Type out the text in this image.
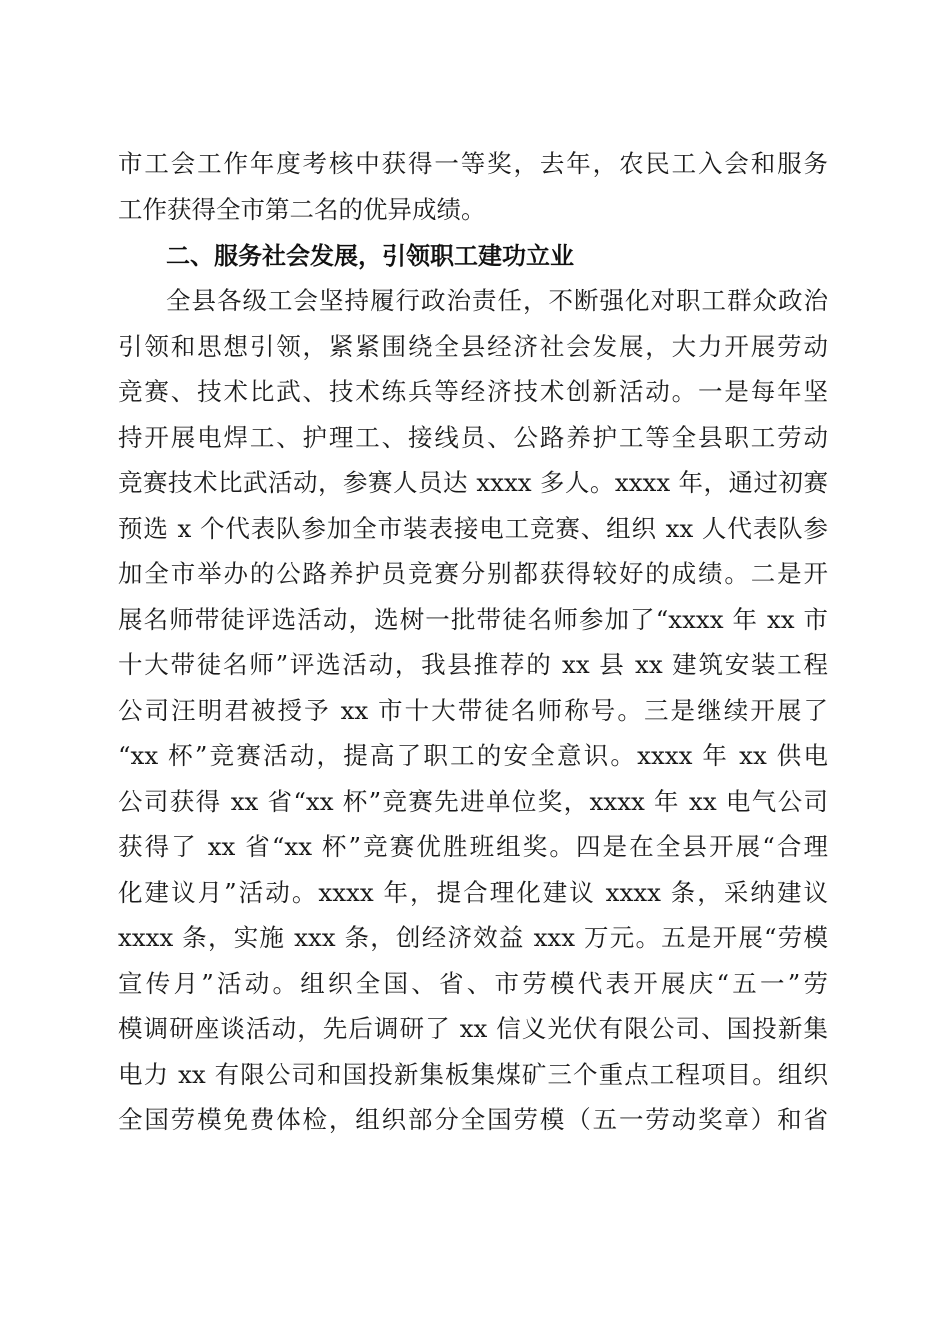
市工会工作年度考核中获得一等奖，去年，农民工入会和服务
工作获得全市第二名的优异成绩。
二、服务社会发展，引领职工建功立业
全县各级工会坚持履行政治责任，不断强化对职工群众政治
引领和思想引领，紧紧围绕全县经济社会发展，大力开展劳动
竞赛、技术比武、技术练兵等经济技术创新活动。一是每年坚
持开展电焊工、护理工、接线员、公路养护工等全县职工劳动
竞赛技术比武活动，参赛人员达 xxxx 多人。xxxx 年，通过初赛
预选 x 个代表队参加全市装表接电工竞赛、组织 xx 人代表队参
加全市举办的公路养护员竞赛分别都获得较好的成绩。二是开
展名师带徒评选活动，选树一批带徒名师参加了“xxxx 年 xx 市
十大带徒名师”评选活动，我县推荐的 xx 县 xx 建筑安装工程
公司汪明君被授予 xx 市十大带徒名师称号。三是继续开展了
“xx 杯”竞赛活动，提高了职工的安全意识。xxxx 年 xx 供电
公司获得 xx 省“xx 杯”竞赛先进单位奖，xxxx 年 xx 电气公司
获得了 xx 省“xx 杯”竞赛优胜班组奖。四是在全县开展“合理
化建议月”活动。xxxx 年，提合理化建议 xxxx 条，采纳建议
xxxx 条，实施 xxx 条，创经济效益 xxx 万元。五是开展“劳模
宣传月”活动。组织全国、省、市劳模代表开展庆“五一”劳
模调研座谈活动，先后调研了 xx 信义光伏有限公司、国投新集
电力 xx 有限公司和国投新集板集煤矿三个重点工程项目。组织
全国劳模免费体检，组织部分全国劳模（五一劳动奖章）和省
